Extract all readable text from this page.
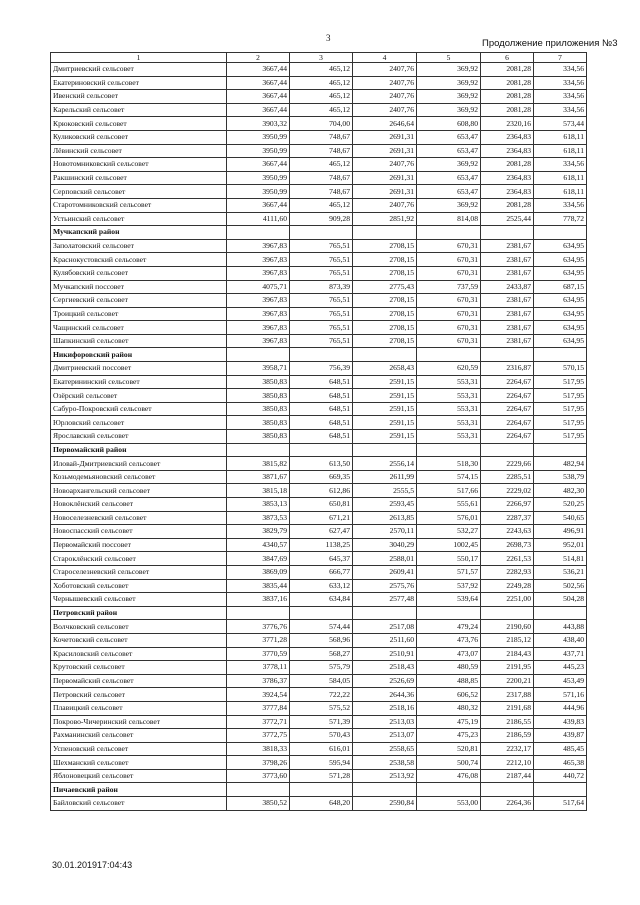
3	Продолжение приложения №3
1	2	3	4	5	6	7
Дмитриевский сельсовет	3667,44	465,12	2407,76	369,92	2081,28	334,56
Екатериновский сельсовет	3667,44	465,12	2407,76	369,92	2081,28	334,56
Ивенский сельсовет	3667,44	465,12	2407,76	369,92	2081,28	334,56
Карельский сельсовет	3667,44	465,12	2407,76	369,92	2081,28	334,56
Крюковский сельсовет	3903,32	704,00	2646,64	608,80	2320,16	573,44
Куликовский сельсовет	3950,99	748,67	2691,31	653,47	2364,83	618,11
Лёвинский сельсовет	3950,99	748,67	2691,31	653,47	2364,83	618,11
Новотомниковский сельсовет	3667,44	465,12	2407,76	369,92	2081,28	334,56
Ракшинский сельсовет	3950,99	748,67	2691,31	653,47	2364,83	618,11
Серповский сельсовет	3950,99	748,67	2691,31	653,47	2364,83	618,11
Старотомниковский сельсовет	3667,44	465,12	2407,76	369,92	2081,28	334,56
Устьинский сельсовет	4111,60	909,28	2851,92	814,08	2525,44	778,72
Мучкапский район						
Заполатовский сельсовет	3967,83	765,51	2708,15	670,31	2381,67	634,95
Краснокустовский сельсовет	3967,83	765,51	2708,15	670,31	2381,67	634,95
Кулябовский сельсовет	3967,83	765,51	2708,15	670,31	2381,67	634,95
Мучкапский поссовет	4075,71	873,39	2775,43	737,59	2433,87	687,15
Сергиевский сельсовет	3967,83	765,51	2708,15	670,31	2381,67	634,95
Троицкий сельсовет	3967,83	765,51	2708,15	670,31	2381,67	634,95
Чащинский сельсовет	3967,83	765,51	2708,15	670,31	2381,67	634,95
Шапкинский сельсовет	3967,83	765,51	2708,15	670,31	2381,67	634,95
Никифоровский район						
Дмитриевский поссовет	3958,71	756,39	2658,43	620,59	2316,87	570,15
Екатерининский сельсовет	3850,83	648,51	2591,15	553,31	2264,67	517,95
Озёрский сельсовет	3850,83	648,51	2591,15	553,31	2264,67	517,95
Сабуро-Покровский сельсовет	3850,83	648,51	2591,15	553,31	2264,67	517,95
Юрловский сельсовет	3850,83	648,51	2591,15	553,31	2264,67	517,95
Ярославский сельсовет	3850,83	648,51	2591,15	553,31	2264,67	517,95
Первомайский район						
Иловай-Дмитриевский сельсовет	3815,82	613,50	2556,14	518,30	2229,66	482,94
Козьмодемьяновский сельсовет	3871,67	669,35	2611,99	574,15	2285,51	538,79
Новоархангельский сельсовет	3815,18	612,86	2555,5	517,66	2229,02	482,30
Новоклёнский сельсовет	3853,13	650,81	2593,45	555,61	2266,97	520,25
Новоселезневский сельсовет	3873,53	671,21	2613,85	576,01	2287,37	540,65
Новоспасский сельсовет	3829,79	627,47	2570,11	532,27	2243,63	496,91
Первомайский поссовет	4340,57	1138,25	3040,29	1002,45	2698,73	952,01
Староклёнский сельсовет	3847,69	645,37	2588,01	550,17	2261,53	514,81
Староселезневский сельсовет	3869,09	666,77	2609,41	571,57	2282,93	536,21
Хоботовский сельсовет	3835,44	633,12	2575,76	537,92	2249,28	502,56
Чернышевский сельсовет	3837,16	634,84	2577,48	539,64	2251,00	504,28
Петровский район						
Волчковский сельсовет	3776,76	574,44	2517,08	479,24	2190,60	443,88
Кочетовский сельсовет	3771,28	568,96	2511,60	473,76	2185,12	438,40
Красиловский сельсовет	3770,59	568,27	2510,91	473,07	2184,43	437,71
Крутовский сельсовет	3778,11	575,79	2518,43	480,59	2191,95	445,23
Первомайский сельсовет	3786,37	584,05	2526,69	488,85	2200,21	453,49
Петровский сельсовет	3924,54	722,22	2644,36	606,52	2317,88	571,16
Плавицкий сельсовет	3777,84	575,52	2518,16	480,32	2191,68	444,96
Покрово-Чичеринский сельсовет	3772,71	571,39	2513,03	475,19	2186,55	439,83
Рахманинский сельсовет	3772,75	570,43	2513,07	475,23	2186,59	439,87
Успеновский сельсовет	3818,33	616,01	2558,65	520,81	2232,17	485,45
Шехманский сельсовет	3798,26	595,94	2538,58	500,74	2212,10	465,38
Яблоновецкий сельсовет	3773,60	571,28	2513,92	476,08	2187,44	440,72
Пичаевский район						
Байловский сельсовет	3850,52	648,20	2590,84	553,00	2264,36	517,64
30.01.201917:04:43
